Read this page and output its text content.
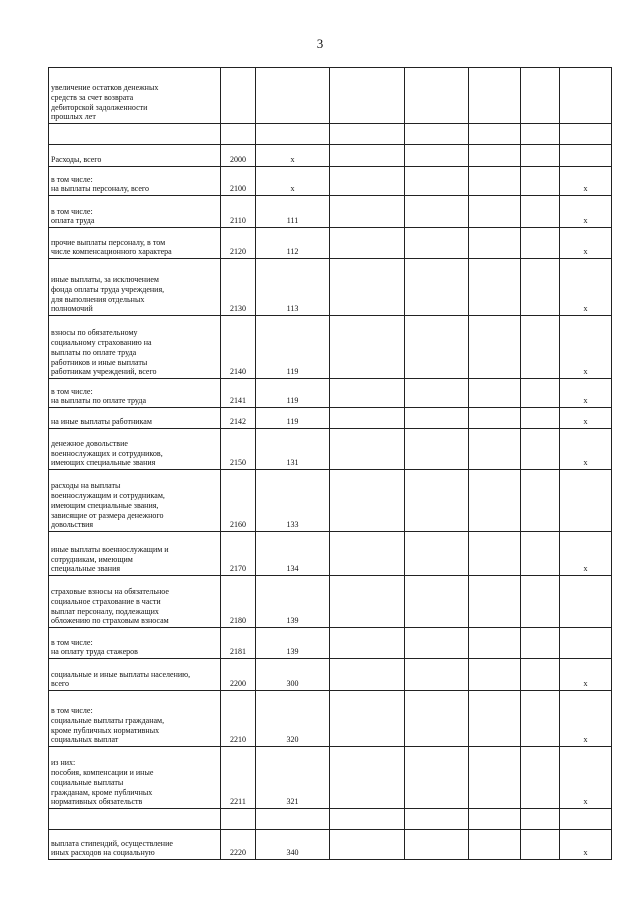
3
увеличение остатков денежных
средств за счет возврата
дебиторской задолженности
прошлых лет							

Расходы, всего	2000	x					
в том числе:
на выплаты персоналу, всего	2100	x					x
в том числе:
оплата труда	2110	111					x
прочие выплаты персоналу, в том
числе компенсационного характера	2120	112					x
иные выплаты, за исключением
фонда оплаты труда учреждения,
для выполнения отдельных
полномочий	2130	113					x
взносы по обязательному
социальному страхованию на
выплаты по оплате труда
работников и иные выплаты
работникам учреждений, всего	2140	119					x
в том числе:
на выплаты по оплате труда	2141	119					x
на иные выплаты работникам	2142	119					x
денежное довольствие
военнослужащих и сотрудников,
имеющих специальные звания	2150	131					x
расходы на выплаты
военнослужащим и сотрудникам,
имеющим специальные звания,
зависящие от размера денежного
довольствия	2160	133					
иные выплаты военнослужащим и
сотрудникам, имеющим
специальные звания	2170	134					x
страховые взносы на обязательное
социальное страхование в части
выплат персоналу, подлежащих
обложению по страховым взносам	2180	139					
в том числе:
на оплату труда стажеров	2181	139					
социальные и иные выплаты населению,
всего	2200	300					x
в том числе:
социальные выплаты гражданам,
кроме публичных нормативных
социальных выплат	2210	320					x
из них:
пособия, компенсации и иные
социальные выплаты
гражданам, кроме публичных
нормативных обязательств	2211	321					x

выплата стипендий, осуществление
иных расходов на социальную	2220	340					x
